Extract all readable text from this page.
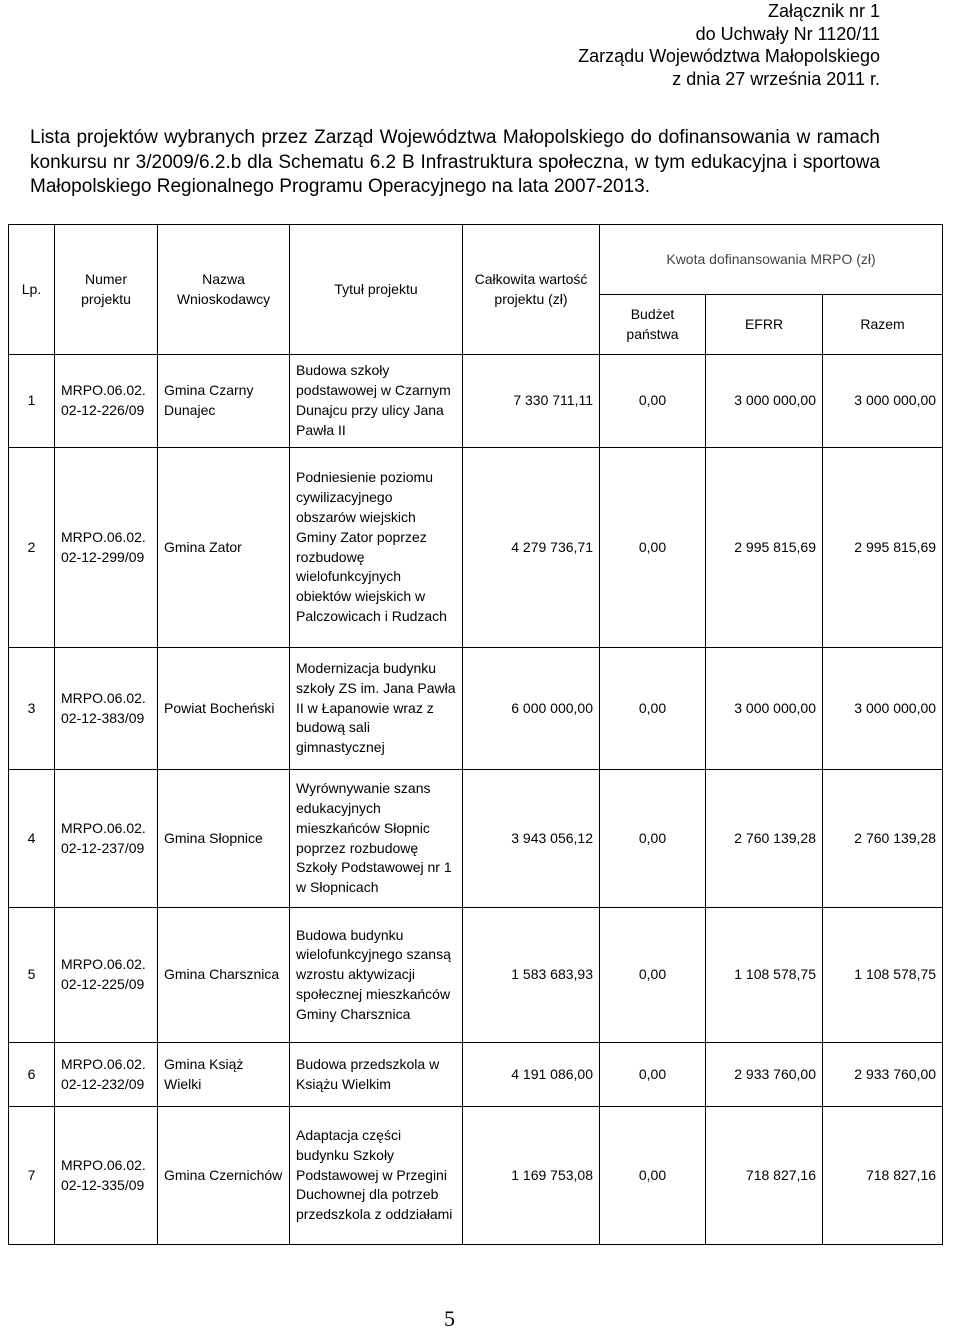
Załącznik nr 1
do Uchwały Nr 1120/11
Zarządu Województwa Małopolskiego
z dnia 27 września 2011 r.
Lista projektów wybranych przez Zarząd Województwa Małopolskiego do dofinansowania w ramach konkursu nr 3/2009/6.2.b dla Schematu 6.2 B Infrastruktura społeczna, w tym edukacyjna i sportowa Małopolskiego Regionalnego Programu Operacyjnego na lata 2007-2013.
Lp.	Numer projektu	Nazwa Wnioskodawcy	Tytuł projektu	Całkowita wartość projektu (zł)	Kwota dofinansowania MRPO (zł)		
					Budżet państwa	EFRR	Razem
1	MRPO.06.02. 02-12-226/09	Gmina Czarny Dunajec	Budowa szkoły podstawowej w Czarnym Dunajcu przy ulicy Jana Pawła II	7 330 711,11	0,00	3 000 000,00	3 000 000,00
2	MRPO.06.02. 02-12-299/09	Gmina Zator	Podniesienie poziomu cywilizacyjnego obszarów wiejskich Gminy Zator poprzez rozbudowę wielofunkcyjnych obiektów wiejskich w Palczowicach i Rudzach	4 279 736,71	0,00	2 995 815,69	2 995 815,69
3	MRPO.06.02. 02-12-383/09	Powiat Bocheński	Modernizacja budynku szkoły ZS im. Jana Pawła II w Łapanowie wraz z budową sali gimnastycznej	6 000 000,00	0,00	3 000 000,00	3 000 000,00
4	MRPO.06.02. 02-12-237/09	Gmina Słopnice	Wyrównywanie szans edukacyjnych mieszkańców Słopnic poprzez rozbudowę Szkoły Podstawowej nr 1 w Słopnicach	3 943 056,12	0,00	2 760 139,28	2 760 139,28
5	MRPO.06.02. 02-12-225/09	Gmina Charsznica	Budowa budynku wielofunkcyjnego szansą wzrostu aktywizacji społecznej mieszkańców Gminy Charsznica	1 583 683,93	0,00	1 108 578,75	1 108 578,75
6	MRPO.06.02. 02-12-232/09	Gmina Książ Wielki	Budowa przedszkola w Książu Wielkim	4 191 086,00	0,00	2 933 760,00	2 933 760,00
7	MRPO.06.02. 02-12-335/09	Gmina Czernichów	Adaptacja części budynku Szkoły Podstawowej w Przegini Duchownej dla potrzeb przedszkola z oddziałami	1 169 753,08	0,00	718 827,16	718 827,16
5
